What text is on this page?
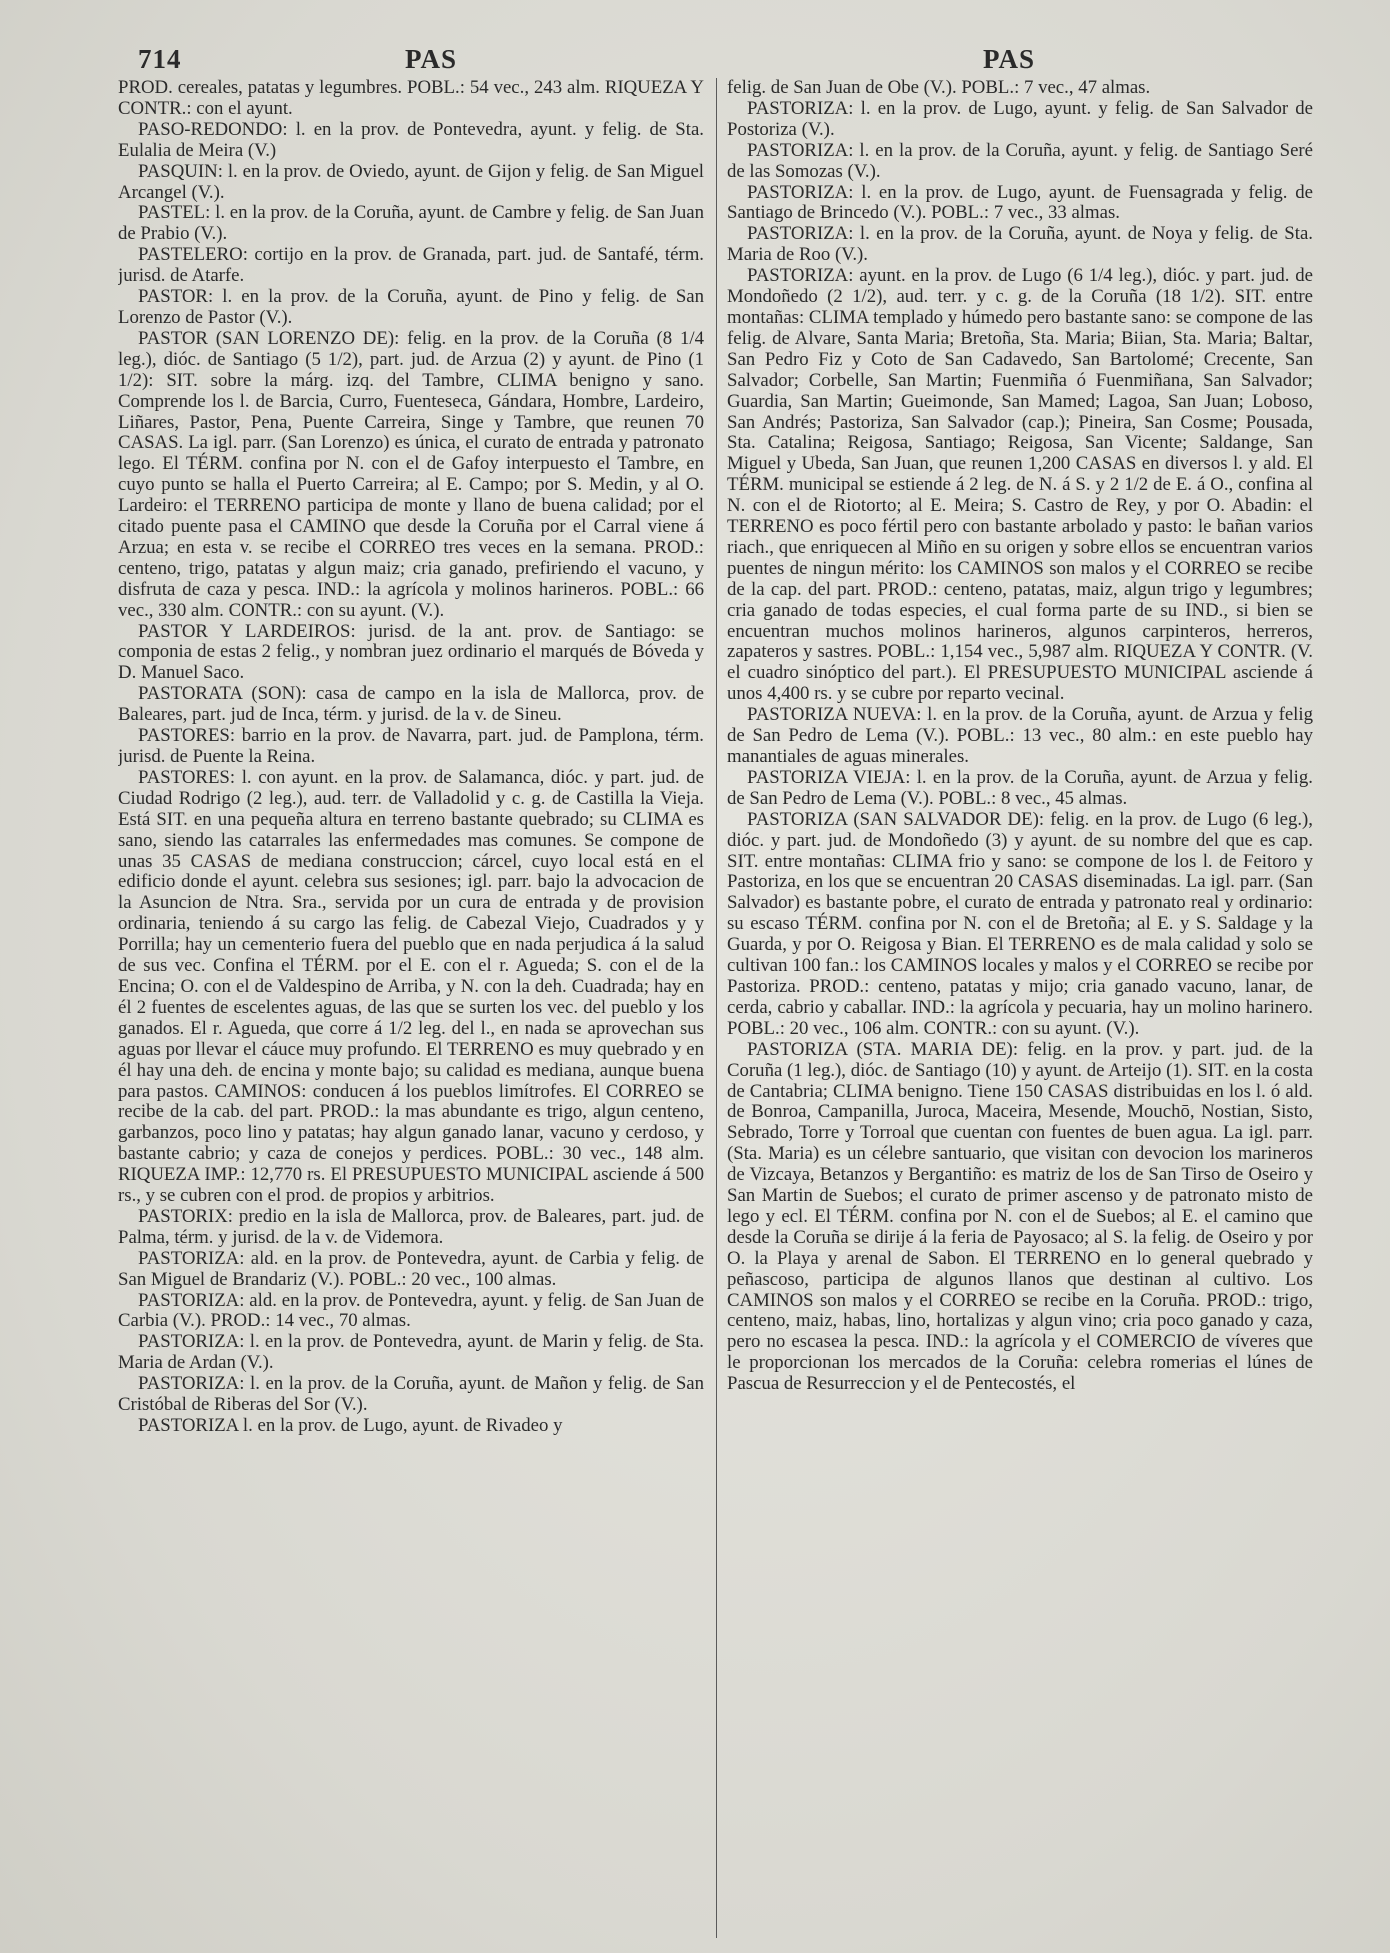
714	PAS	PAS

PROD. cereales, patatas y legumbres. POBL.: 54 vec., 243 alm. RIQUEZA Y CONTR.: con el ayunt.

PASO-REDONDO: l. en la prov. de Pontevedra, ayunt. y felig. de Sta. Eulalia de Meira (V.)

PASQUIN: l. en la prov. de Oviedo, ayunt. de Gijon y felig. de San Miguel Arcangel (V.).

PASTEL: l. en la prov. de la Coruña, ayunt. de Cambre y felig. de San Juan de Prabio (V.).

PASTELERO: cortijo en la prov. de Granada, part. jud. de Santafé, térm. jurisd. de Atarfe.

PASTOR: l. en la prov. de la Coruña, ayunt. de Pino y felig. de San Lorenzo de Pastor (V.).

PASTOR (SAN LORENZO DE): felig. en la prov. de la Coruña (8 1/4 leg.), dióc. de Santiago (5 1/2), part. jud. de Arzua (2) y ayunt. de Pino (1 1/2): SIT. sobre la márg. izq. del Tambre, CLIMA benigno y sano. Comprende los l. de Barcia, Curro, Fuenteseca, Gándara, Hombre, Lardeiro, Liñares, Pastor, Pena, Puente Carreira, Singe y Tambre, que reunen 70 CASAS. La igl. parr. (San Lorenzo) es única, el curato de entrada y patronato lego. El TÉRM. confina por N. con el de Gafoy interpuesto el Tambre, en cuyo punto se halla el Puerto Carreira; al E. Campo; por S. Medin, y al O. Lardeiro: el TERRENO participa de monte y llano de buena calidad; por el citado puente pasa el CAMINO que desde la Coruña por el Carral viene á Arzua; en esta v. se recibe el CORREO tres veces en la semana. PROD.: centeno, trigo, patatas y algun maiz; cria ganado, prefiriendo el vacuno, y disfruta de caza y pesca. IND.: la agrícola y molinos harineros. POBL.: 66 vec., 330 alm. CONTR.: con su ayunt. (V.).

PASTOR Y LARDEIROS: jurisd. de la ant. prov. de Santiago: se componia de estas 2 felig., y nombran juez ordinario el marqués de Bóveda y D. Manuel Saco.

PASTORATA (SON): casa de campo en la isla de Mallorca, prov. de Baleares, part. jud de Inca, térm. y jurisd. de la v. de Sineu.

PASTORES: barrio en la prov. de Navarra, part. jud. de Pamplona, térm. jurisd. de Puente la Reina.

PASTORES: l. con ayunt. en la prov. de Salamanca, dióc. y part. jud. de Ciudad Rodrigo (2 leg.), aud. terr. de Valladolid y c. g. de Castilla la Vieja. Está SIT. en una pequeña altura en terreno bastante quebrado; su CLIMA es sano, siendo las catarrales las enfermedades mas comunes. Se compone de unas 35 CASAS de mediana construccion; cárcel, cuyo local está en el edificio donde el ayunt. celebra sus sesiones; igl. parr. bajo la advocacion de la Asuncion de Ntra. Sra., servida por un cura de entrada y de provision ordinaria, teniendo á su cargo las felig. de Cabezal Viejo, Cuadrados y y Porrilla; hay un cementerio fuera del pueblo que en nada perjudica á la salud de sus vec. Confina el TÉRM. por el E. con el r. Agueda; S. con el de la Encina; O. con el de Valdespino de Arriba, y N. con la deh. Cuadrada; hay en él 2 fuentes de escelentes aguas, de las que se surten los vec. del pueblo y los ganados. El r. Agueda, que corre á 1/2 leg. del l., en nada se aprovechan sus aguas por llevar el cáuce muy profundo. El TERRENO es muy quebrado y en él hay una deh. de encina y monte bajo; su calidad es mediana, aunque buena para pastos. CAMINOS: conducen á los pueblos limítrofes. El CORREO se recibe de la cab. del part. PROD.: la mas abundante es trigo, algun centeno, garbanzos, poco lino y patatas; hay algun ganado lanar, vacuno y cerdoso, y bastante cabrio; y caza de conejos y perdices. POBL.: 30 vec., 148 alm. RIQUEZA IMP.: 12,770 rs. El PRESUPUESTO MUNICIPAL asciende á 500 rs., y se cubren con el prod. de propios y arbitrios.

PASTORIX: predio en la isla de Mallorca, prov. de Baleares, part. jud. de Palma, térm. y jurisd. de la v. de Videmora.

PASTORIZA: ald. en la prov. de Pontevedra, ayunt. de Carbia y felig. de San Miguel de Brandariz (V.). POBL.: 20 vec., 100 almas.

PASTORIZA: ald. en la prov. de Pontevedra, ayunt. y felig. de San Juan de Carbia (V.). PROD.: 14 vec., 70 almas.

PASTORIZA: l. en la prov. de Pontevedra, ayunt. de Marin y felig. de Sta. Maria de Ardan (V.).

PASTORIZA: l. en la prov. de la Coruña, ayunt. de Mañon y felig. de San Cristóbal de Riberas del Sor (V.).

PASTORIZA l. en la prov. de Lugo, ayunt. de Rivadeo y

felig. de San Juan de Obe (V.). POBL.: 7 vec., 47 almas.

PASTORIZA: l. en la prov. de Lugo, ayunt. y felig. de San Salvador de Postoriza (V.).

PASTORIZA: l. en la prov. de la Coruña, ayunt. y felig. de Santiago Seré de las Somozas (V.).

PASTORIZA: l. en la prov. de Lugo, ayunt. de Fuensagrada y felig. de Santiago de Brincedo (V.). POBL.: 7 vec., 33 almas.

PASTORIZA: l. en la prov. de la Coruña, ayunt. de Noya y felig. de Sta. Maria de Roo (V.).

PASTORIZA: ayunt. en la prov. de Lugo (6 1/4 leg.), dióc. y part. jud. de Mondoñedo (2 1/2), aud. terr. y c. g. de la Coruña (18 1/2). SIT. entre montañas: CLIMA templado y húmedo pero bastante sano: se compone de las felig. de Alvare, Santa Maria; Bretoña, Sta. Maria; Biian, Sta. Maria; Baltar, San Pedro Fiz y Coto de San Cadavedo, San Bartolomé; Crecente, San Salvador; Corbelle, San Martin; Fuenmiña ó Fuenmiñana, San Salvador; Guardia, San Martin; Gueimonde, San Mamed; Lagoa, San Juan; Loboso, San Andrés; Pastoriza, San Salvador (cap.); Pineira, San Cosme; Pousada, Sta. Catalina; Reigosa, Santiago; Reigosa, San Vicente; Saldange, San Miguel y Ubeda, San Juan, que reunen 1,200 CASAS en diversos l. y ald. El TÉRM. municipal se estiende á 2 leg. de N. á S. y 2 1/2 de E. á O., confina al N. con el de Riotorto; al E. Meira; S. Castro de Rey, y por O. Abadin: el TERRENO es poco fértil pero con bastante arbolado y pasto: le bañan varios riach., que enriquecen al Miño en su origen y sobre ellos se encuentran varios puentes de ningun mérito: los CAMINOS son malos y el CORREO se recibe de la cap. del part. PROD.: centeno, patatas, maiz, algun trigo y legumbres; cria ganado de todas especies, el cual forma parte de su IND., si bien se encuentran muchos molinos harineros, algunos carpinteros, herreros, zapateros y sastres. POBL.: 1,154 vec., 5,987 alm. RIQUEZA Y CONTR. (V. el cuadro sinóptico del part.). El PRESUPUESTO MUNICIPAL asciende á unos 4,400 rs. y se cubre por reparto vecinal.

PASTORIZA NUEVA: l. en la prov. de la Coruña, ayunt. de Arzua y felig de San Pedro de Lema (V.). POBL.: 13 vec., 80 alm.: en este pueblo hay manantiales de aguas minerales.

PASTORIZA VIEJA: l. en la prov. de la Coruña, ayunt. de Arzua y felig. de San Pedro de Lema (V.). POBL.: 8 vec., 45 almas.

PASTORIZA (SAN SALVADOR DE): felig. en la prov. de Lugo (6 leg.), dióc. y part. jud. de Mondoñedo (3) y ayunt. de su nombre del que es cap. SIT. entre montañas: CLIMA frio y sano: se compone de los l. de Feitoro y Pastoriza, en los que se encuentran 20 CASAS diseminadas. La igl. parr. (San Salvador) es bastante pobre, el curato de entrada y patronato real y ordinario: su escaso TÉRM. confina por N. con el de Bretoña; al E. y S. Saldage y la Guarda, y por O. Reigosa y Bian. El TERRENO es de mala calidad y solo se cultivan 100 fan.: los CAMINOS locales y malos y el CORREO se recibe por Pastoriza. PROD.: centeno, patatas y mijo; cria ganado vacuno, lanar, de cerda, cabrio y caballar. IND.: la agrícola y pecuaria, hay un molino harinero. POBL.: 20 vec., 106 alm. CONTR.: con su ayunt. (V.).

PASTORIZA (STA. MARIA DE): felig. en la prov. y part. jud. de la Coruña (1 leg.), dióc. de Santiago (10) y ayunt. de Arteijo (1). SIT. en la costa de Cantabria; CLIMA benigno. Tiene 150 CASAS distribuidas en los l. ó ald. de Bonroa, Campanilla, Juroca, Maceira, Mesende, Mouchō, Nostian, Sisto, Sebrado, Torre y Torroal que cuentan con fuentes de buen agua. La igl. parr. (Sta. Maria) es un célebre santuario, que visitan con devocion los marineros de Vizcaya, Betanzos y Bergantiño: es matriz de los de San Tirso de Oseiro y San Martin de Suebos; el curato de primer ascenso y de patronato misto de lego y ecl. El TÉRM. confina por N. con el de Suebos; al E. el camino que desde la Coruña se dirije á la feria de Payosaco; al S. la felig. de Oseiro y por O. la Playa y arenal de Sabon. El TERRENO en lo general quebrado y peñascoso, participa de algunos llanos que destinan al cultivo. Los CAMINOS son malos y el CORREO se recibe en la Coruña. PROD.: trigo, centeno, maiz, habas, lino, hortalizas y algun vino; cria poco ganado y caza, pero no escasea la pesca. IND.: la agrícola y el COMERCIO de víveres que le proporcionan los mercados de la Coruña: celebra romerias el lúnes de Pascua de Resurreccion y el de Pentecostés, el
